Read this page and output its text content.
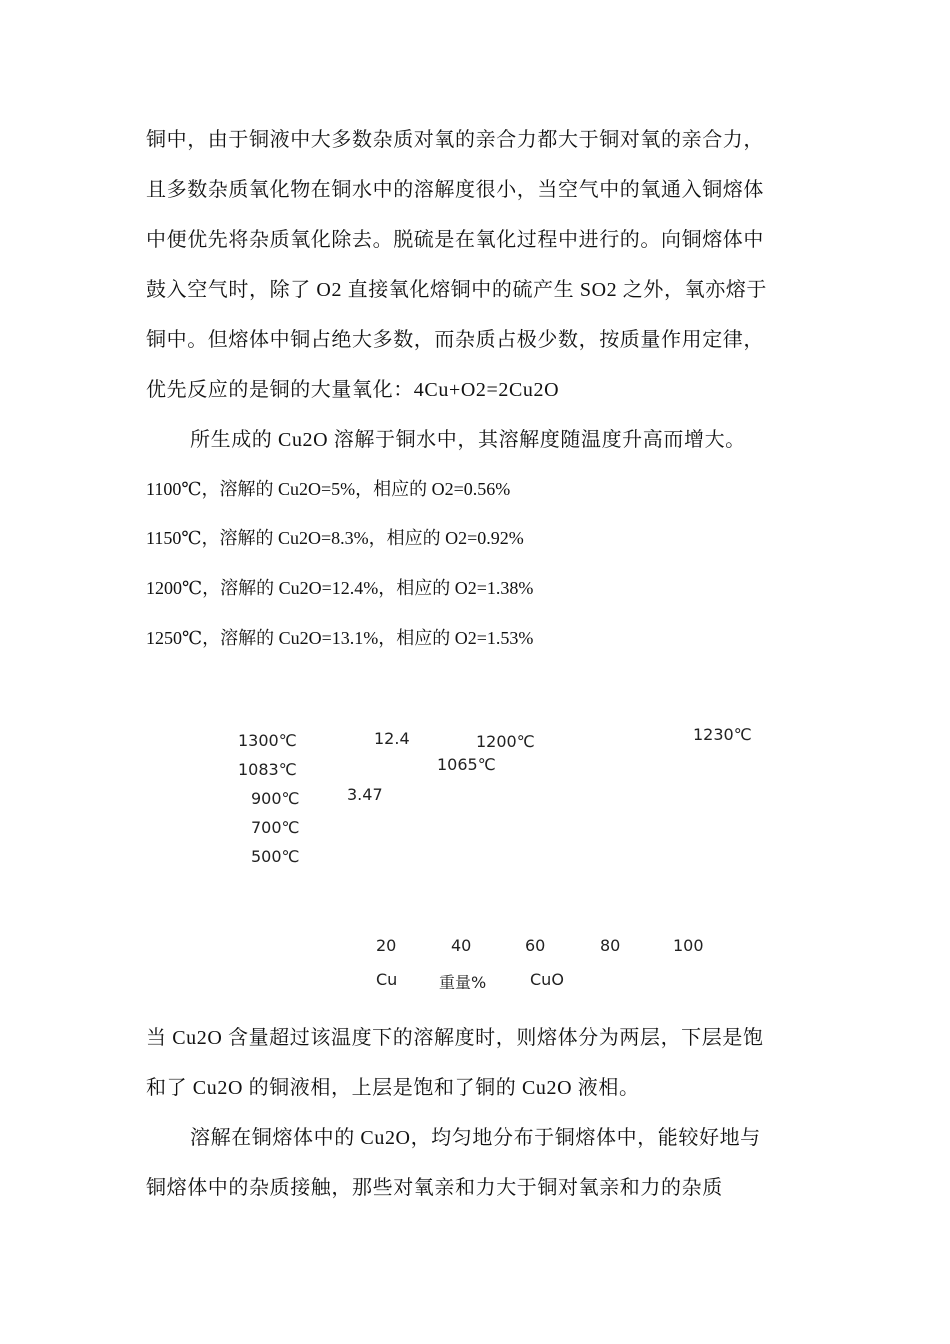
铜中，由于铜液中大多数杂质对氧的亲合力都大于铜对氧的亲合力，
且多数杂质氧化物在铜水中的溶解度很小，当空气中的氧通入铜熔体
中便优先将杂质氧化除去。脱硫是在氧化过程中进行的。向铜熔体中
鼓入空气时，除了 O2 直接氧化熔铜中的硫产生 SO2 之外，氧亦熔于
铜中。但熔体中铜占绝大多数，而杂质占极少数，按质量作用定律，
优先反应的是铜的大量氧化：4Cu+O2=2Cu2O
所生成的 Cu2O 溶解于铜水中，其溶解度随温度升高而增大。
1100℃，溶解的 Cu2O=5%，相应的 O2=0.56%
1150℃，溶解的 Cu2O=8.3%，相应的 O2=0.92%
1200℃，溶解的 Cu2O=12.4%，相应的 O2=1.38%
1250℃，溶解的 Cu2O=13.1%，相应的 O2=1.53%
1300℃
1083℃
900℃
700℃
500℃
12.4	1200℃
1065℃
3.47
1230℃
20	40	60	80	100
Cu	重量%	CuO
当 Cu2O 含量超过该温度下的溶解度时，则熔体分为两层，下层是饱
和了 Cu2O 的铜液相，上层是饱和了铜的 Cu2O 液相。
溶解在铜熔体中的 Cu2O，均匀地分布于铜熔体中，能较好地与
铜熔体中的杂质接触，那些对氧亲和力大于铜对氧亲和力的杂质
